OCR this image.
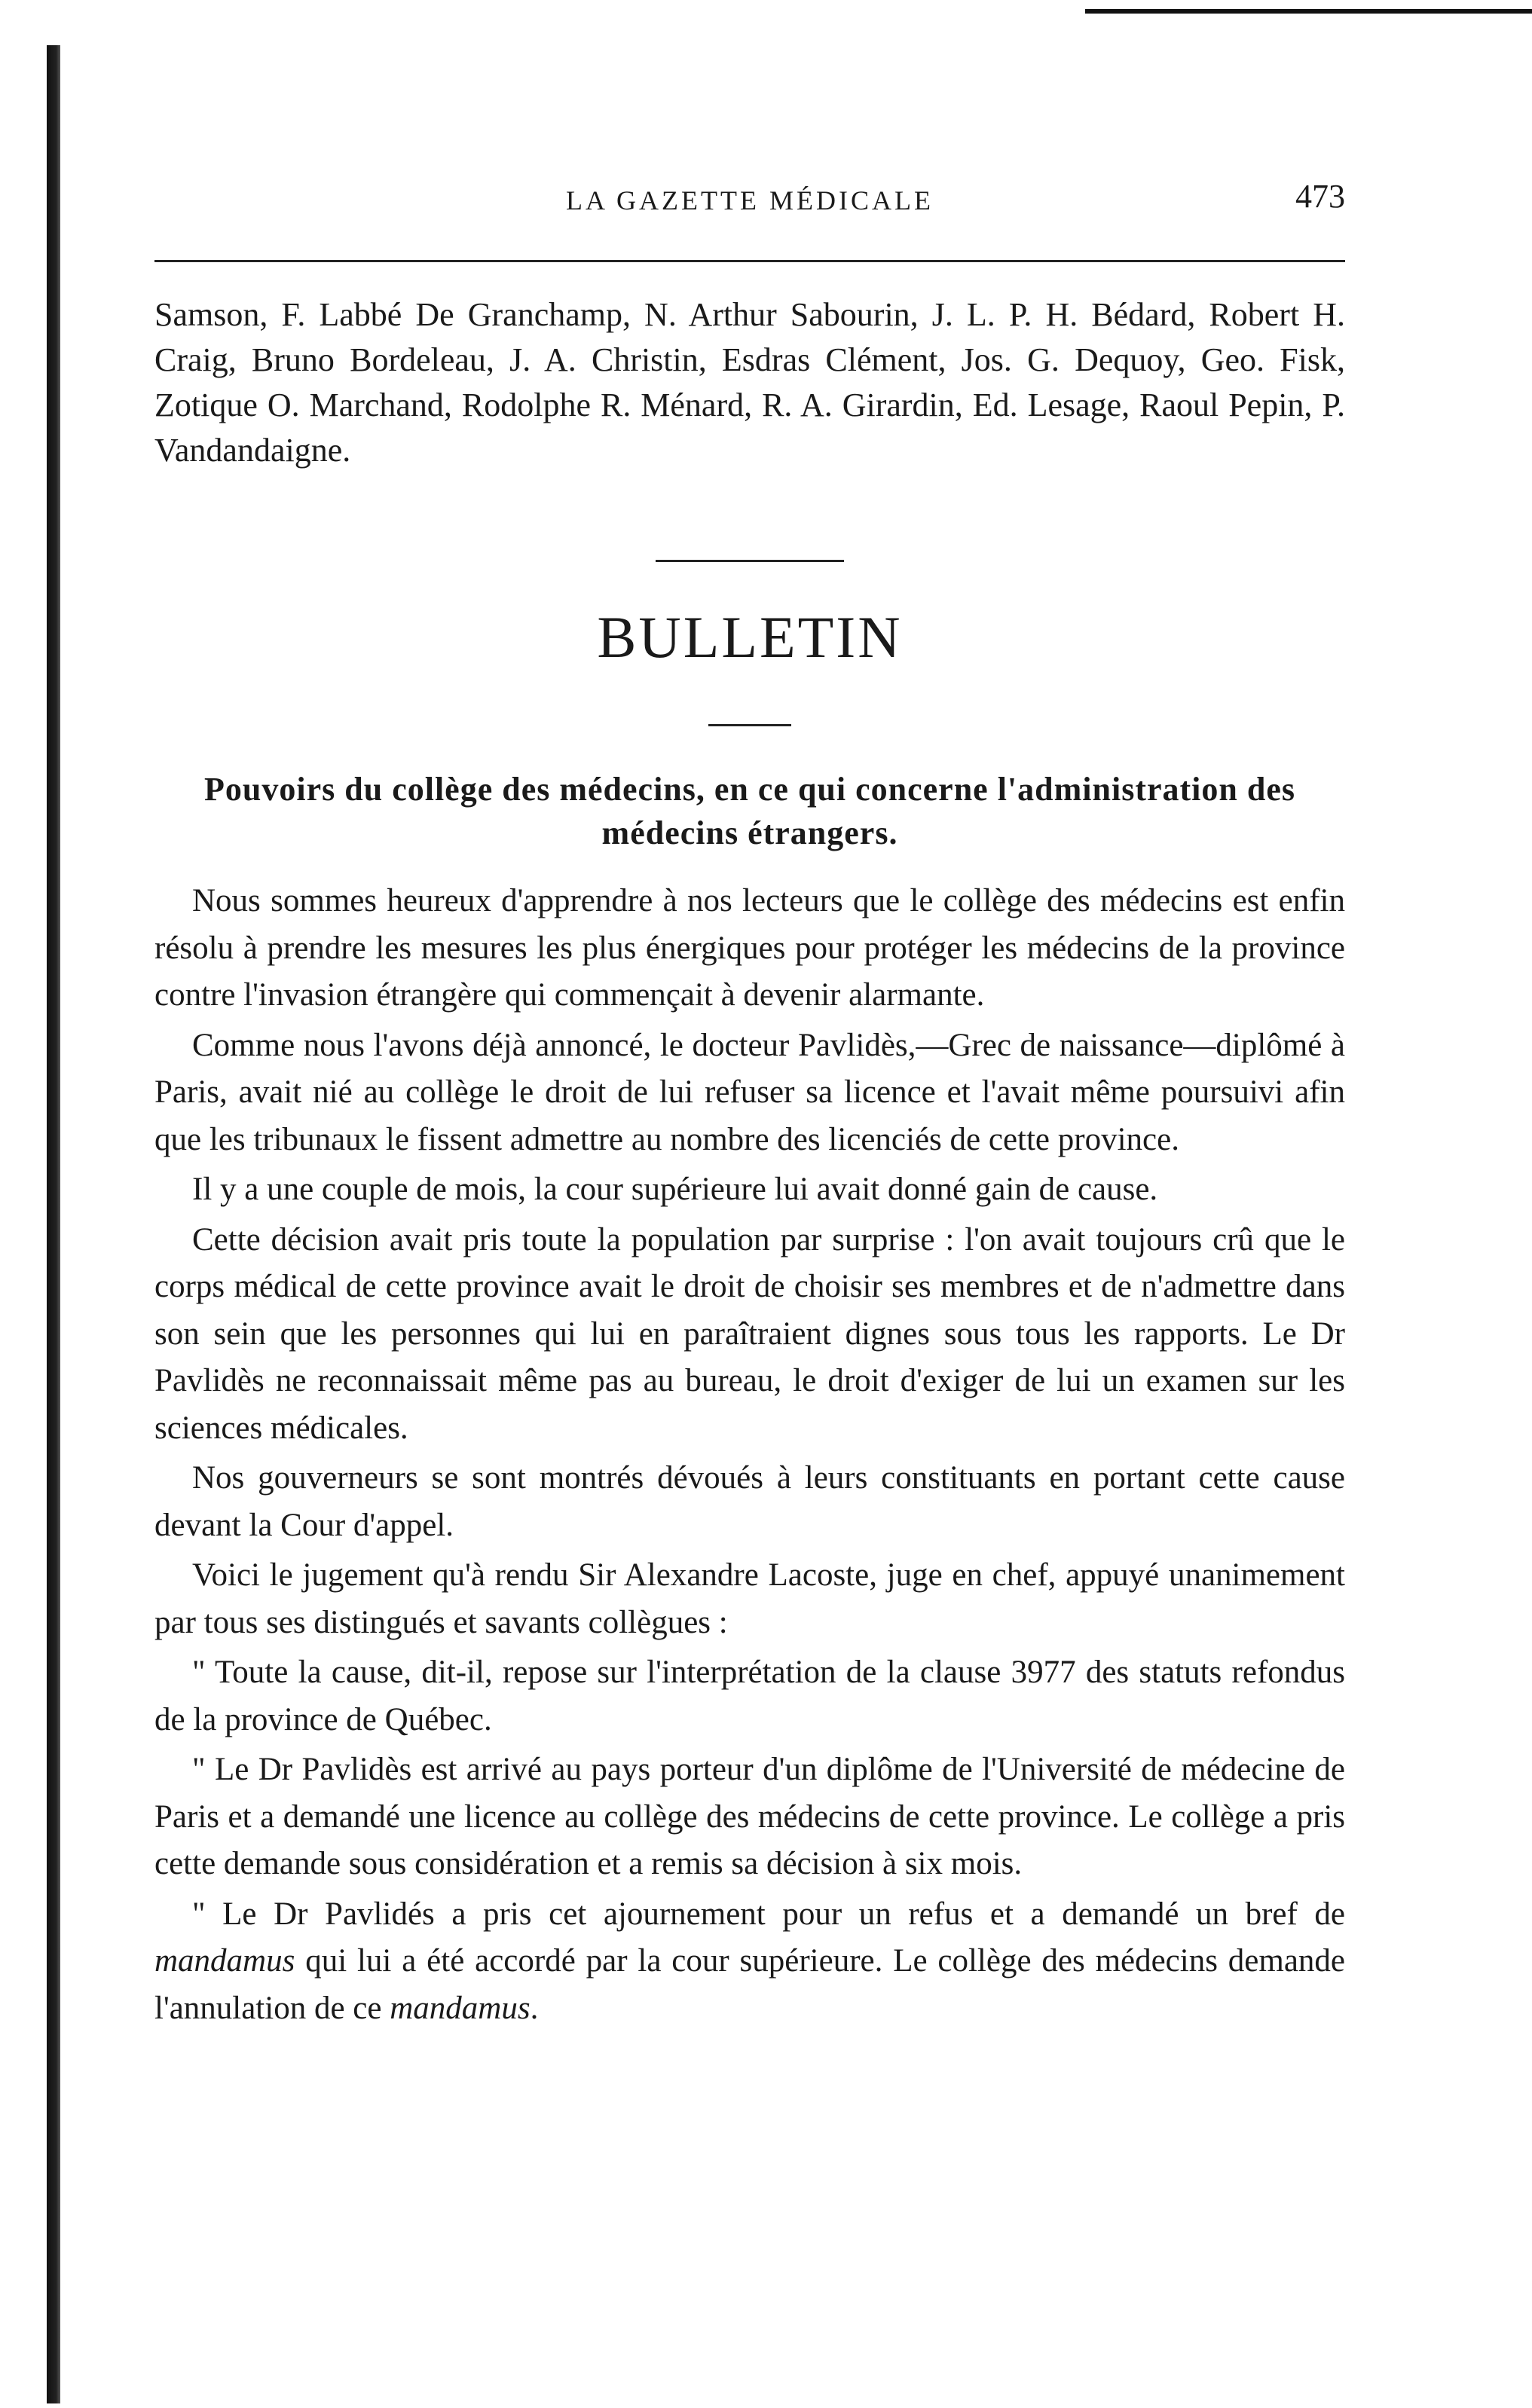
LA GAZETTE MÉDICALE	473
Samson, F. Labbé De Granchamp, N. Arthur Sabourin, J. L. P. H. Bédard, Robert H. Craig, Bruno Bordeleau, J. A. Christin, Esdras Clément, Jos. G. Dequoy, Geo. Fisk, Zotique O. Marchand, Rodolphe R. Ménard, R. A. Girardin, Ed. Lesage, Raoul Pepin, P. Vandandaigne.
BULLETIN
Pouvoirs du collège des médecins, en ce qui concerne l'administration des médecins étrangers.

Nous sommes heureux d'apprendre à nos lecteurs que le collège des médecins est enfin résolu à prendre les mesures les plus énergiques pour protéger les médecins de la province contre l'invasion étrangère qui commençait à devenir alarmante.

Comme nous l'avons déjà annoncé, le docteur Pavlidès,—Grec de naissance—diplômé à Paris, avait nié au collège le droit de lui refuser sa licence et l'avait même poursuivi afin que les tribunaux le fissent admettre au nombre des licenciés de cette province.

Il y a une couple de mois, la cour supérieure lui avait donné gain de cause.

Cette décision avait pris toute la population par surprise : l'on avait toujours crû que le corps médical de cette province avait le droit de choisir ses membres et de n'admettre dans son sein que les personnes qui lui en paraîtraient dignes sous tous les rapports. Le Dr Pavlidès ne reconnaissait même pas au bureau, le droit d'exiger de lui un examen sur les sciences médicales.

Nos gouverneurs se sont montrés dévoués à leurs constituants en portant cette cause devant la Cour d'appel.

Voici le jugement qu'à rendu Sir Alexandre Lacoste, juge en chef, appuyé unanimement par tous ses distingués et savants collègues :

" Toute la cause, dit-il, repose sur l'interprétation de la clause 3977 des statuts refondus de la province de Québec.

" Le Dr Pavlidès est arrivé au pays porteur d'un diplôme de l'Université de médecine de Paris et a demandé une licence au collège des médecins de cette province. Le collège a pris cette demande sous considération et a remis sa décision à six mois.

" Le Dr Pavlidés a pris cet ajournement pour un refus et a demandé un bref de mandamus qui lui a été accordé par la cour supérieure. Le collège des médecins demande l'annulation de ce mandamus.
